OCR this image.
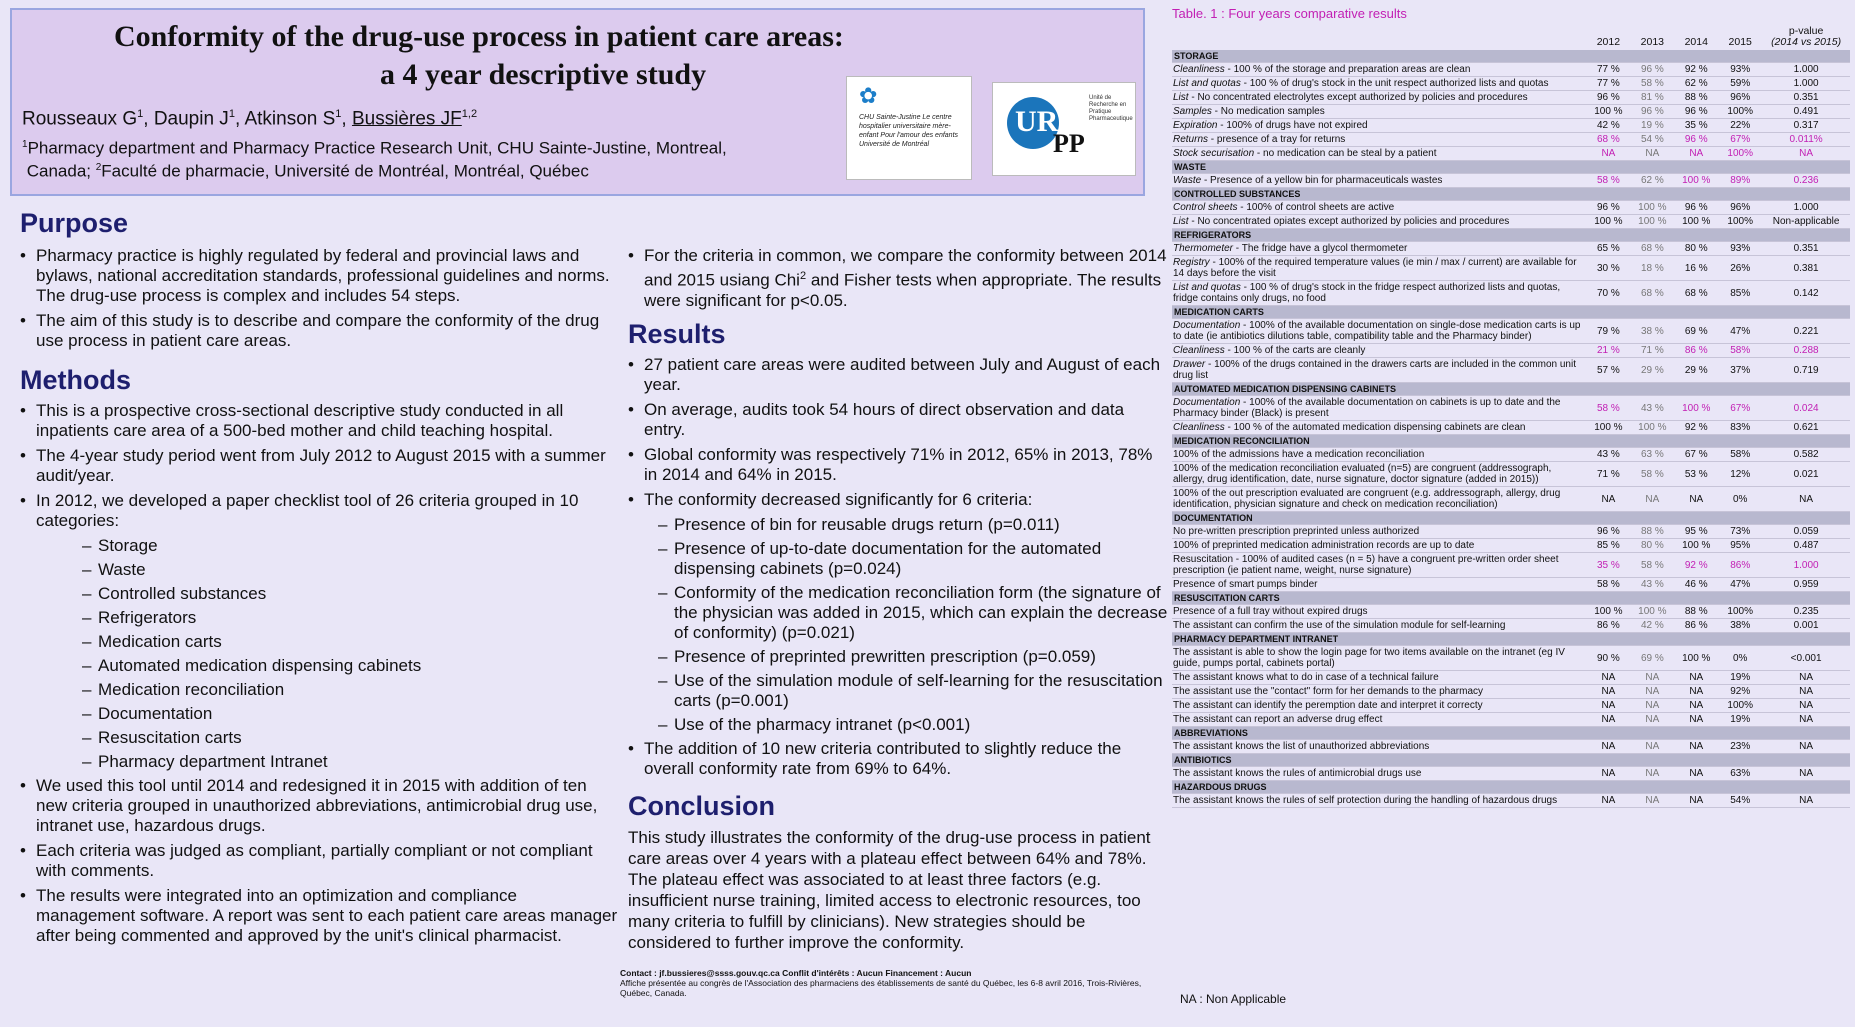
Conformity of the drug-use process in patient care areas:
a 4 year descriptive study
Rousseaux $G^1$, Daupin $J^1$, Atkinson $S^1$, Bussières JF$^{1,2}$
$^1$Pharmacy department and Pharmacy Practice Research Unit, CHU Sainte-Justine, Montreal,
Canada; $^2$Faculté de pharmacie, Université de Montréal, Montréal, Québec
✿
CHU Sainte-Justine Le centre hospitalier universitaire mère-enfant Pour l'amour des enfants Université de Montréal
UR
PP
Unité de Recherche en Pratique Pharmaceutique
Purpose
• Pharmacy practice is highly regulated by federal and provincial laws and bylaws, national accreditation standards, professional guidelines and norms. The drug-use process is complex and includes 54 steps.
• The aim of this study is to describe and compare the conformity of the drug use process in patient care areas.
Methods
• This is a prospective cross-sectional descriptive study conducted in all inpatients care area of a 500-bed mother and child teaching hospital.
• The 4-year study period went from July 2012 to August 2015 with a summer audit/year.
• In 2012, we developed a paper checklist tool of 26 criteria grouped in 10 categories:
– Storage
– Waste
– Controlled substances
– Refrigerators
– Medication carts
– Automated medication dispensing cabinets
– Medication reconciliation
– Documentation
– Resuscitation carts
– Pharmacy department Intranet
• We used this tool until 2014 and redesigned it in 2015 with addition of ten new criteria grouped in unauthorized abbreviations, antimicrobial drug use, intranet use, hazardous drugs.
• Each criteria was judged as compliant, partially compliant or not compliant with comments.
• The results were integrated into an optimization and compliance management software. A report was sent to each patient care areas manager after being commented and approved by the unit's clinical pharmacist.
• For the criteria in common, we compare the conformity between 2014 and 2015 usiang Chi$^2$ and Fisher tests when appropriate. The results were significant for p<0.05.
Results
• 27 patient care areas were audited between July and August of each year.
• On average, audits took 54 hours of direct observation and data entry.
• Global conformity was respectively 71% in 2012, 65% in 2013, 78% in 2014 and 64% in 2015.
• The conformity decreased significantly for 6 criteria:
– Presence of bin for reusable drugs return (p=0.011)
– Presence of up-to-date documentation for the automated dispensing cabinets (p=0.024)
– Conformity of the medication reconciliation form (the signature of the physician was added in 2015, which can explain the decrease of conformity) (p=0.021)
– Presence of preprinted prewritten prescription (p=0.059)
– Use of the simulation module of self-learning for the resuscitation carts (p=0.001)
– Use of the pharmacy intranet (p<0.001)
• The addition of 10 new criteria contributed to slightly reduce the overall conformity rate from 69% to 64%.
Conclusion

This study illustrates the conformity of the drug-use process in patient care areas over 4 years with a plateau effect between 64% and 78%. The plateau effect was associated to at least three factors (e.g. insufficient nurse training, limited access to electronic resources, too many criteria to fulfill by clinicians). New strategies should be considered to further improve the conformity.

Contact : jf.bussieres@ssss.gouv.qc.ca Conflit d'intérêts : Aucun Financement : Aucun
Affiche présentée au congrès de l'Association des pharmaciens des établissements de santé du Québec, les 6-8 avril 2016, Trois-Rivières, Québec, Canada.
Table. 1 : Four years comparative results
	2012	2013	2014	2015	p-value
(2014 vs 2015)
STORAGE					
Cleanliness - 100 % of the storage and preparation areas are clean	77 %	96 %	92 %	93%	1.000
List and quotas - 100 % of drug's stock in the unit respect authorized lists and quotas	77 %	58 %	62 %	59%	1.000
List - No concentrated electrolytes except authorized by policies and procedures	96 %	81 %	88 %	96%	0.351
Samples - No medication samples	100 %	96 %	96 %	100%	0.491
Expiration - 100% of drugs have not expired	42 %	19 %	35 %	22%	0.317
Returns - presence of a tray for returns	68 %	54 %	96 %	67%	0.011%
Stock securisation - no medication can be steal by a patient	NA	NA	NA	100%	NA
WASTE					
Waste - Presence of a yellow bin for pharmaceuticals wastes	58 %	62 %	100 %	89%	0.236
CONTROLLED SUBSTANCES					
Control sheets - 100% of control sheets are active	96 %	100 %	96 %	96%	1.000
List - No concentrated opiates except authorized by policies and procedures	100 %	100 %	100 %	100%	Non-applicable
REFRIGERATORS					
Thermometer - The fridge have a glycol thermometer	65 %	68 %	80 %	93%	0.351
Registry - 100% of the required temperature values (ie min / max / current) are available for 14 days before the visit	30 %	18 %	16 %	26%	0.381
List and quotas - 100 % of drug's stock in the fridge respect authorized lists and quotas, fridge contains only drugs, no food	70 %	68 %	68 %	85%	0.142
MEDICATION CARTS					
Documentation - 100% of the available documentation on single-dose medication carts is up to date (ie antibiotics dilutions table, compatibility table and the Pharmacy binder)	79 %	38 %	69 %	47%	0.221
Cleanliness - 100 % of the carts are cleanly	21 %	71 %	86 %	58%	0.288
Drawer - 100% of the drugs contained in the drawers carts are included in the common unit drug list	57 %	29 %	29 %	37%	0.719
AUTOMATED MEDICATION DISPENSING CABINETS					
Documentation - 100% of the available documentation on cabinets is up to date and the Pharmacy binder (Black) is present	58 %	43 %	100 %	67%	0.024
Cleanliness - 100 % of the automated medication dispensing cabinets are clean	100 %	100 %	92 %	83%	0.621
MEDICATION RECONCILIATION					
100% of the admissions have a medication reconciliation	43 %	63 %	67 %	58%	0.582
100% of the medication reconciliation evaluated (n=5) are congruent (addressograph, allergy, drug identification, date, nurse signature, doctor signature (added in 2015))	71 %	58 %	53 %	12%	0.021
100% of the out prescription evaluated are congruent (e.g. addressograph, allergy, drug identification, physician signature and check on medication reconciliation)	NA	NA	NA	0%	NA
DOCUMENTATION					
No pre-written prescription preprinted unless authorized	96 %	88 %	95 %	73%	0.059
100% of preprinted medication administration records are up to date	85 %	80 %	100 %	95%	0.487
Resuscitation - 100% of audited cases (n = 5) have a congruent pre-written order sheet prescription (ie patient name, weight, nurse signature)	35 %	58 %	92 %	86%	1.000
Presence of smart pumps binder	58 %	43 %	46 %	47%	0.959
RESUSCITATION CARTS					
Presence of a full tray without expired drugs	100 %	100 %	88 %	100%	0.235
The assistant can confirm the use of the simulation module for self-learning	86 %	42 %	86 %	38%	0.001
PHARMACY DEPARTMENT INTRANET					
The assistant is able to show the login page for two items available on the intranet (eg IV guide, pumps portal, cabinets portal)	90 %	69 %	100 %	0%	<0.001
The assistant knows what to do in case of a technical failure	NA	NA	NA	19%	NA
The assistant use the "contact" form for her demands to the pharmacy	NA	NA	NA	92%	NA
The assistant can identify the peremption date and interpret it correcty	NA	NA	NA	100%	NA
The assistant can report an adverse drug effect	NA	NA	NA	19%	NA
ABBREVIATIONS					
The assistant knows the list of unauthorized abbreviations	NA	NA	NA	23%	NA
ANTIBIOTICS					
The assistant knows the rules of antimicrobial drugs use	NA	NA	NA	63%	NA
HAZARDOUS DRUGS					
The assistant knows the rules of self protection during the handling of hazardous drugs	NA	NA	NA	54%	NA
NA : Non Applicable
